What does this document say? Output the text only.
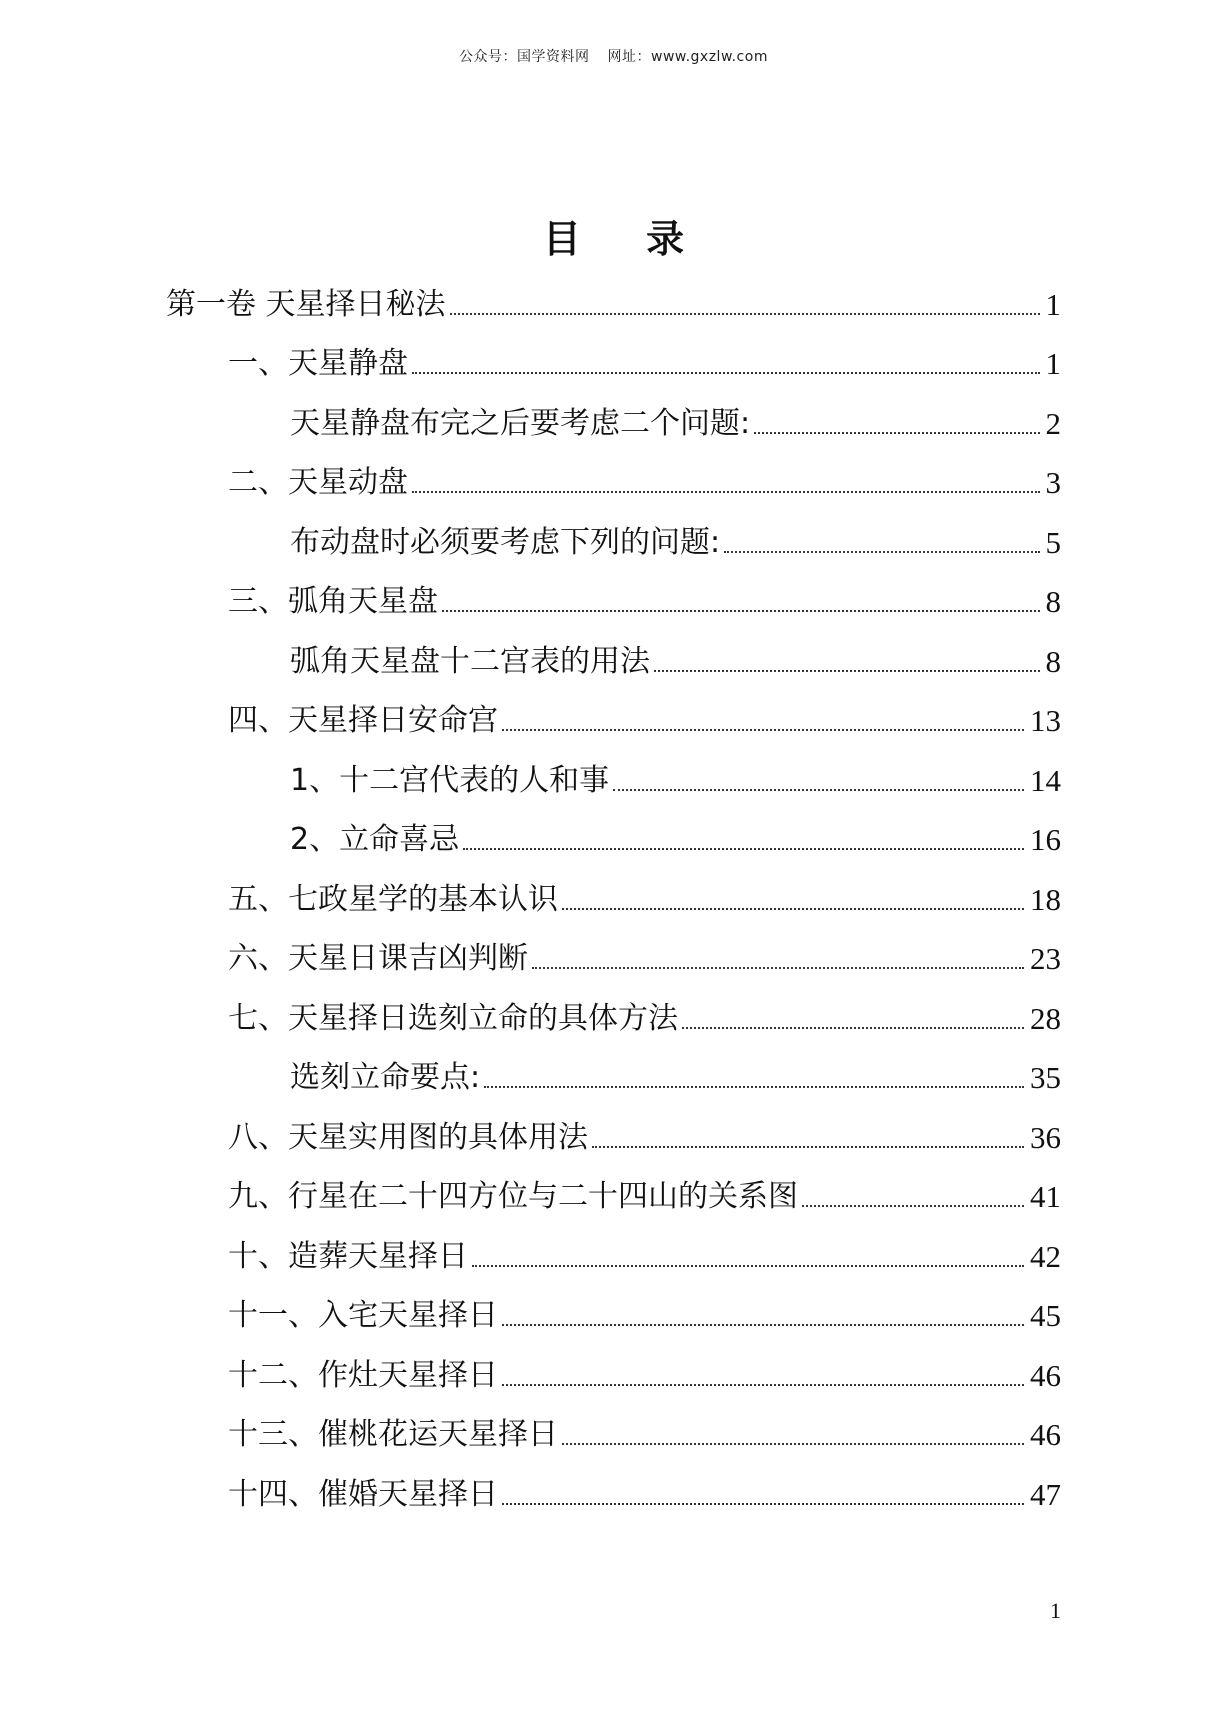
公众号：国学资料网 网址：www.gxzlw.com
目 录
第一卷 天星择日秘法	1
一、天星静盘	1
天星静盘布完之后要考虑二个问题:	2
二、天星动盘	3
布动盘时必须要考虑下列的问题:	5
三、弧角天星盘	8
弧角天星盘十二宫表的用法	8
四、天星择日安命宫	13
1、十二宫代表的人和事	14
2、立命喜忌	16
五、七政星学的基本认识	18
六、天星日课吉凶判断	23
七、天星择日选刻立命的具体方法	28
选刻立命要点:	35
八、天星实用图的具体用法	36
九、行星在二十四方位与二十四山的关系图	41
十、造葬天星择日	42
十一、入宅天星择日	45
十二、作灶天星择日	46
十三、催桃花运天星择日	46
十四、催婚天星择日	47
1
